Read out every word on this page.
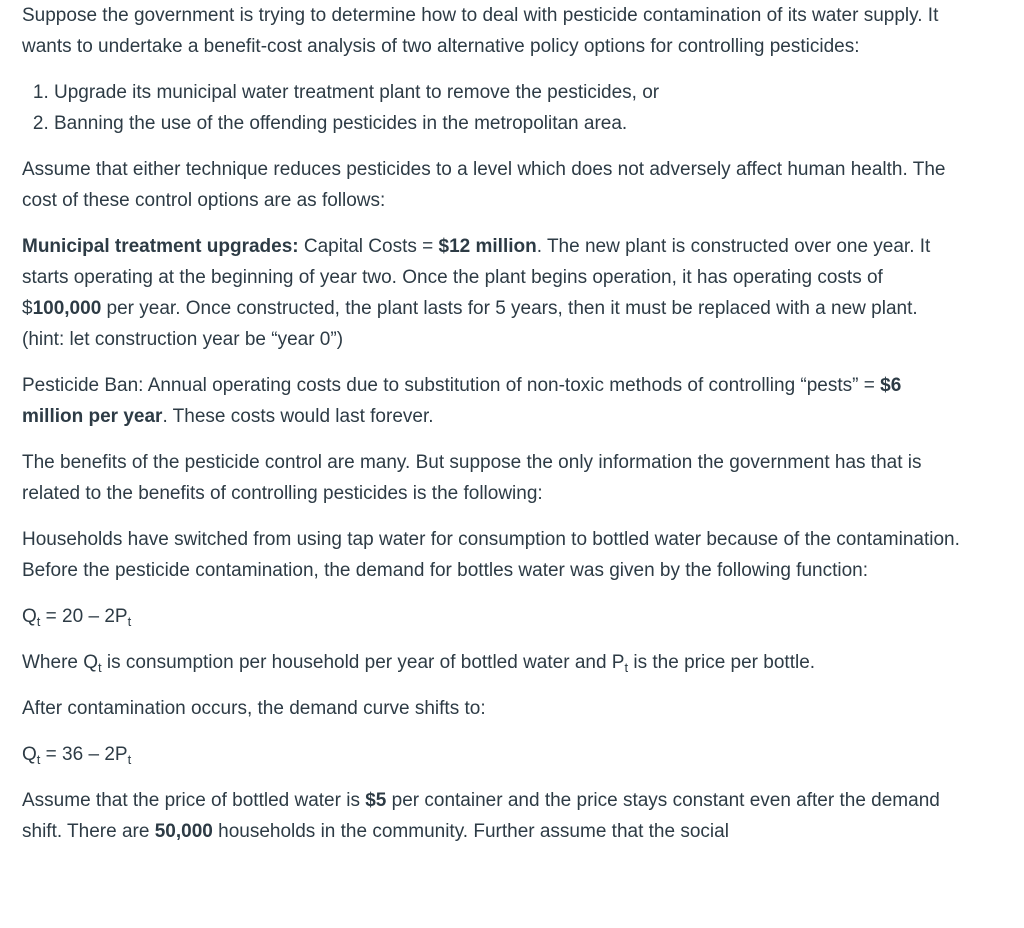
Suppose the government is trying to determine how to deal with pesticide contamination of its water supply. It wants to undertake a benefit-cost analysis of two alternative policy options for controlling pesticides:

1. Upgrade its municipal water treatment plant to remove the pesticides, or
2. Banning the use of the offending pesticides in the metropolitan area.

Assume that either technique reduces pesticides to a level which does not adversely affect human health. The cost of these control options are as follows:

Municipal treatment upgrades: Capital Costs = $12 million. The new plant is constructed over one year. It starts operating at the beginning of year two. Once the plant begins operation, it has operating costs of $100,000 per year. Once constructed, the plant lasts for 5 years, then it must be replaced with a new plant. (hint: let construction year be “year 0”)

Pesticide Ban: Annual operating costs due to substitution of non-toxic methods of controlling “pests” = $6 million per year. These costs would last forever.

The benefits of the pesticide control are many. But suppose the only information the government has that is related to the benefits of controlling pesticides is the following:

Households have switched from using tap water for consumption to bottled water because of the contamination. Before the pesticide contamination, the demand for bottles water was given by the following function:

$Q_t = 20 - 2P_t$

Where $Q_t$ is consumption per household per year of bottled water and $P_t$ is the price per bottle.

After contamination occurs, the demand curve shifts to:

$Q_t = 36 - 2P_t$

Assume that the price of bottled water is $5 per container and the price stays constant even after the demand shift. There are 50,000 households in the community. Further assume that the social
